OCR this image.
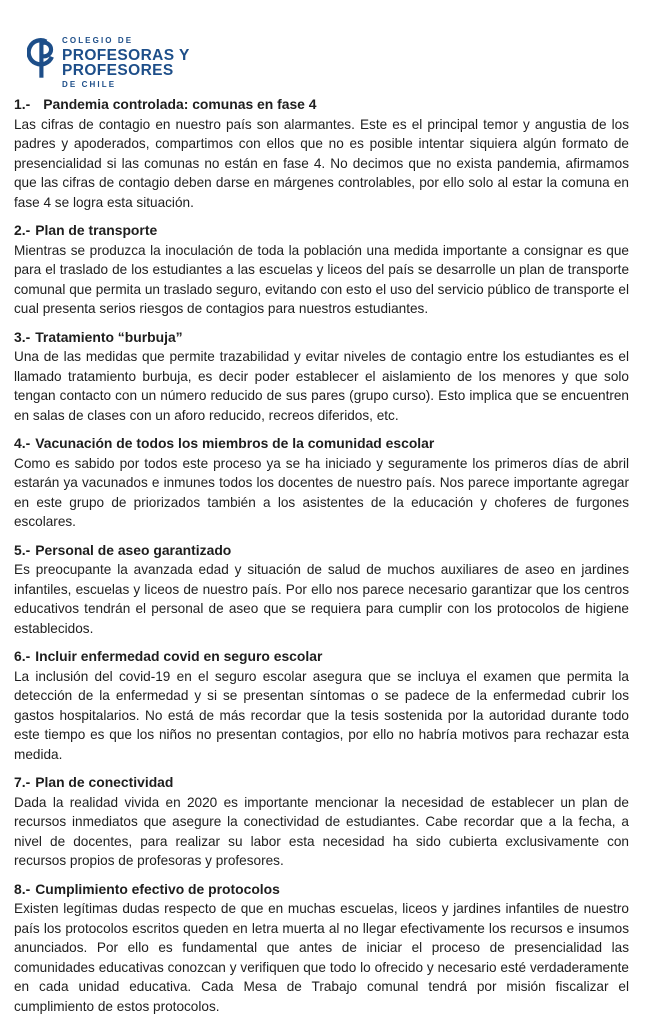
COLEGIO DE
PROFESORAS Y
PROFESORES
DE CHILE
1.- Pandemia controlada: comunas en fase 4

Las cifras de contagio en nuestro país son alarmantes. Este es el principal temor y angustia de los padres y apoderados, compartimos con ellos que no es posible intentar siquiera algún formato de presencialidad si las comunas no están en fase 4. No decimos que no exista pandemia, afirmamos que las cifras de contagio deben darse en márgenes controlables, por ello solo al estar la comuna en fase 4 se logra esta situación.

2.- Plan de transporte

Mientras se produzca la inoculación de toda la población una medida importante a consignar es que para el traslado de los estudiantes a las escuelas y liceos del país se desarrolle un plan de transporte comunal que permita un traslado seguro, evitando con esto el uso del servicio público de transporte el cual presenta serios riesgos de contagios para nuestros estudiantes.

3.- Tratamiento “burbuja”

Una de las medidas que permite trazabilidad y evitar niveles de contagio entre los estudiantes es el llamado tratamiento burbuja, es decir poder establecer el aislamiento de los menores y que solo tengan contacto con un número reducido de sus pares (grupo curso). Esto implica que se encuentren en salas de clases con un aforo reducido, recreos diferidos, etc.

4.- Vacunación de todos los miembros de la comunidad escolar

Como es sabido por todos este proceso ya se ha iniciado y seguramente los primeros días de abril estarán ya vacunados e inmunes todos los docentes de nuestro país. Nos parece importante agregar en este grupo de priorizados también a los asistentes de la educación y choferes de furgones escolares.

5.- Personal de aseo garantizado

Es preocupante la avanzada edad y situación de salud de muchos auxiliares de aseo en jardines infantiles, escuelas y liceos de nuestro país. Por ello nos parece necesario garantizar que los centros educativos tendrán el personal de aseo que se requiera para cumplir con los protocolos de higiene establecidos.

6.- Incluir enfermedad covid en seguro escolar

La inclusión del covid-19 en el seguro escolar asegura que se incluya el examen que permita la detección de la enfermedad y si se presentan síntomas o se padece de la enfermedad cubrir los gastos hospitalarios. No está de más recordar que la tesis sostenida por la autoridad durante todo este tiempo es que los niños no presentan contagios, por ello no habría motivos para rechazar esta medida.

7.- Plan de conectividad

Dada la realidad vivida en 2020 es importante mencionar la necesidad de establecer un plan de recursos inmediatos que asegure la conectividad de estudiantes. Cabe recordar que a la fecha, a nivel de docentes, para realizar su labor esta necesidad ha sido cubierta exclusivamente con recursos propios de profesoras y profesores.

8.- Cumplimiento efectivo de protocolos

Existen legítimas dudas respecto de que en muchas escuelas, liceos y jardines infantiles de nuestro país los protocolos escritos queden en letra muerta al no llegar efectivamente los recursos e insumos anunciados. Por ello es fundamental que antes de iniciar el proceso de presencialidad las comunidades educativas conozcan y verifiquen que todo lo ofrecido y necesario esté verdaderamente en cada unidad educativa. Cada Mesa de Trabajo comunal tendrá por misión fiscalizar el cumplimiento de estos protocolos.
